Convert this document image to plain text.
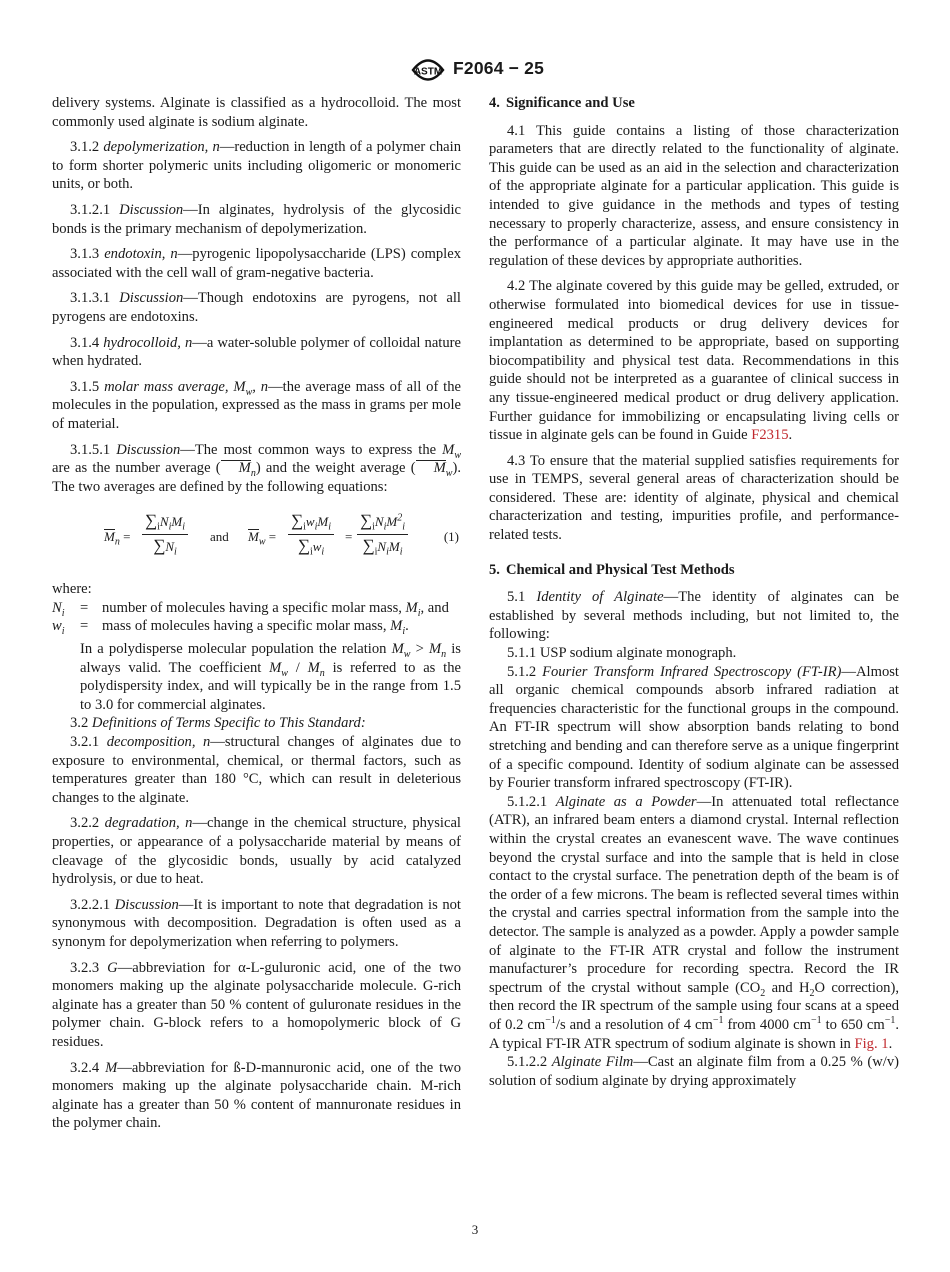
ASTM F2064 − 25

delivery systems. Alginate is classified as a hydrocolloid. The most commonly used alginate is sodium alginate.

3.1.2 depolymerization, n—reduction in length of a polymer chain to form shorter polymeric units including oligomeric or monomeric units, or both.

3.1.2.1 Discussion—In alginates, hydrolysis of the glycosidic bonds is the primary mechanism of depolymerization.

3.1.3 endotoxin, n—pyrogenic lipopolysaccharide (LPS) complex associated with the cell wall of gram-negative bacteria.

3.1.3.1 Discussion—Though endotoxins are pyrogens, not all pyrogens are endotoxins.

3.1.4 hydrocolloid, n—a water-soluble polymer of colloidal nature when hydrated.

3.1.5 molar mass average, $M_w$, n—the average mass of all of the molecules in the population, expressed as the mass in grams per mole of material.

3.1.5.1 Discussion—The most common ways to express the $M_w$ are as the number average ( $M_n$) and the weight average ( $M_w$). The two averages are defined by the following equations:

$M_n = \frac{\sum_iN_iM_i}{\sum N_i}$ and $M_w = \frac{\sum_iw_iM_i}{\sum_iw_i} = \frac{\sum_iN_iM^2_i}{\sum_iN_iM_i}$	(1)
where:
$N_i$	= number of molecules having a specific molar mass, $M_i$, and
$w_i$	= mass of molecules having a specific molar mass, $M_i$.

In a polydisperse molecular population the relation $M_w > M_n$ is always valid. The coefficient $M_w / M_n$ is referred to as the polydispersity index, and will typically be in the range from 1.5 to 3.0 for commercial alginates.

3.2 Definitions of Terms Specific to This Standard:

3.2.1 decomposition, n—structural changes of alginates due to exposure to environmental, chemical, or thermal factors, such as temperatures greater than 180 °C, which can result in deleterious changes to the alginate.

3.2.2 degradation, n—change in the chemical structure, physical properties, or appearance of a polysaccharide material by means of cleavage of the glycosidic bonds, usually by acid catalyzed hydrolysis, or due to heat.

3.2.2.1 Discussion—It is important to note that degradation is not synonymous with decomposition. Degradation is often used as a synonym for depolymerization when referring to polymers.

3.2.3 G—abbreviation for α-L-guluronic acid, one of the two monomers making up the alginate polysaccharide molecule. G-rich alginate has a greater than 50 % content of guluronate residues in the polymer chain. G-block refers to a homopolymeric block of G residues.

3.2.4 M—abbreviation for ß-D-mannuronic acid, one of the two monomers making up the alginate polysaccharide chain. M-rich alginate has a greater than 50 % content of mannuronate residues in the polymer chain.

4. Significance and Use

4.1 This guide contains a listing of those characterization parameters that are directly related to the functionality of alginate. This guide can be used as an aid in the selection and characterization of the appropriate alginate for a particular application. This guide is intended to give guidance in the methods and types of testing necessary to properly characterize, assess, and ensure consistency in the performance of a particular alginate. It may have use in the regulation of these devices by appropriate authorities.

4.2 The alginate covered by this guide may be gelled, extruded, or otherwise formulated into biomedical devices for use in tissue-engineered medical products or drug delivery devices for implantation as determined to be appropriate, based on supporting biocompatibility and physical test data. Recommendations in this guide should not be interpreted as a guarantee of clinical success in any tissue-engineered medical product or drug delivery application. Further guidance for immobilizing or encapsulating living cells or tissue in alginate gels can be found in Guide F2315.

4.3 To ensure that the material supplied satisfies requirements for use in TEMPS, several general areas of characterization should be considered. These are: identity of alginate, physical and chemical characterization and testing, impurities profile, and performance-related tests.

5. Chemical and Physical Test Methods

5.1 Identity of Alginate—The identity of alginates can be established by several methods including, but not limited to, the following:

5.1.1 USP sodium alginate monograph.

5.1.2 Fourier Transform Infrared Spectroscopy (FT-IR)—Almost all organic chemical compounds absorb infrared radiation at frequencies characteristic for the functional groups in the compound. An FT-IR spectrum will show absorption bands relating to bond stretching and bending and can therefore serve as a unique fingerprint of a specific compound. Identity of sodium alginate can be assessed by Fourier transform infrared spectroscopy (FT-IR).

5.1.2.1 Alginate as a Powder—In attenuated total reflectance (ATR), an infrared beam enters a diamond crystal. Internal reflection within the crystal creates an evanescent wave. The wave continues beyond the crystal surface and into the sample that is held in close contact to the crystal surface. The penetration depth of the beam is of the order of a few microns. The beam is reflected several times within the crystal and carries spectral information from the sample into the detector. The sample is analyzed as a powder. Apply a powder sample of alginate to the FT-IR ATR crystal and follow the instrument manufacturer’s procedure for recording spectra. Record the IR spectrum of the crystal without sample ($CO_2$ and $H_2O$ correction), then record the IR spectrum of the sample using four scans at a speed of 0.2 $cm^{-1}/s$ and a resolution of 4 $cm^{-1}$ from 4000 $cm^{-1}$ to 650 $cm^{-1}$. A typical FT-IR ATR spectrum of sodium alginate is shown in Fig. 1.

5.1.2.2 Alginate Film—Cast an alginate film from a 0.25 % (w/v) solution of sodium alginate by drying approximately

3
